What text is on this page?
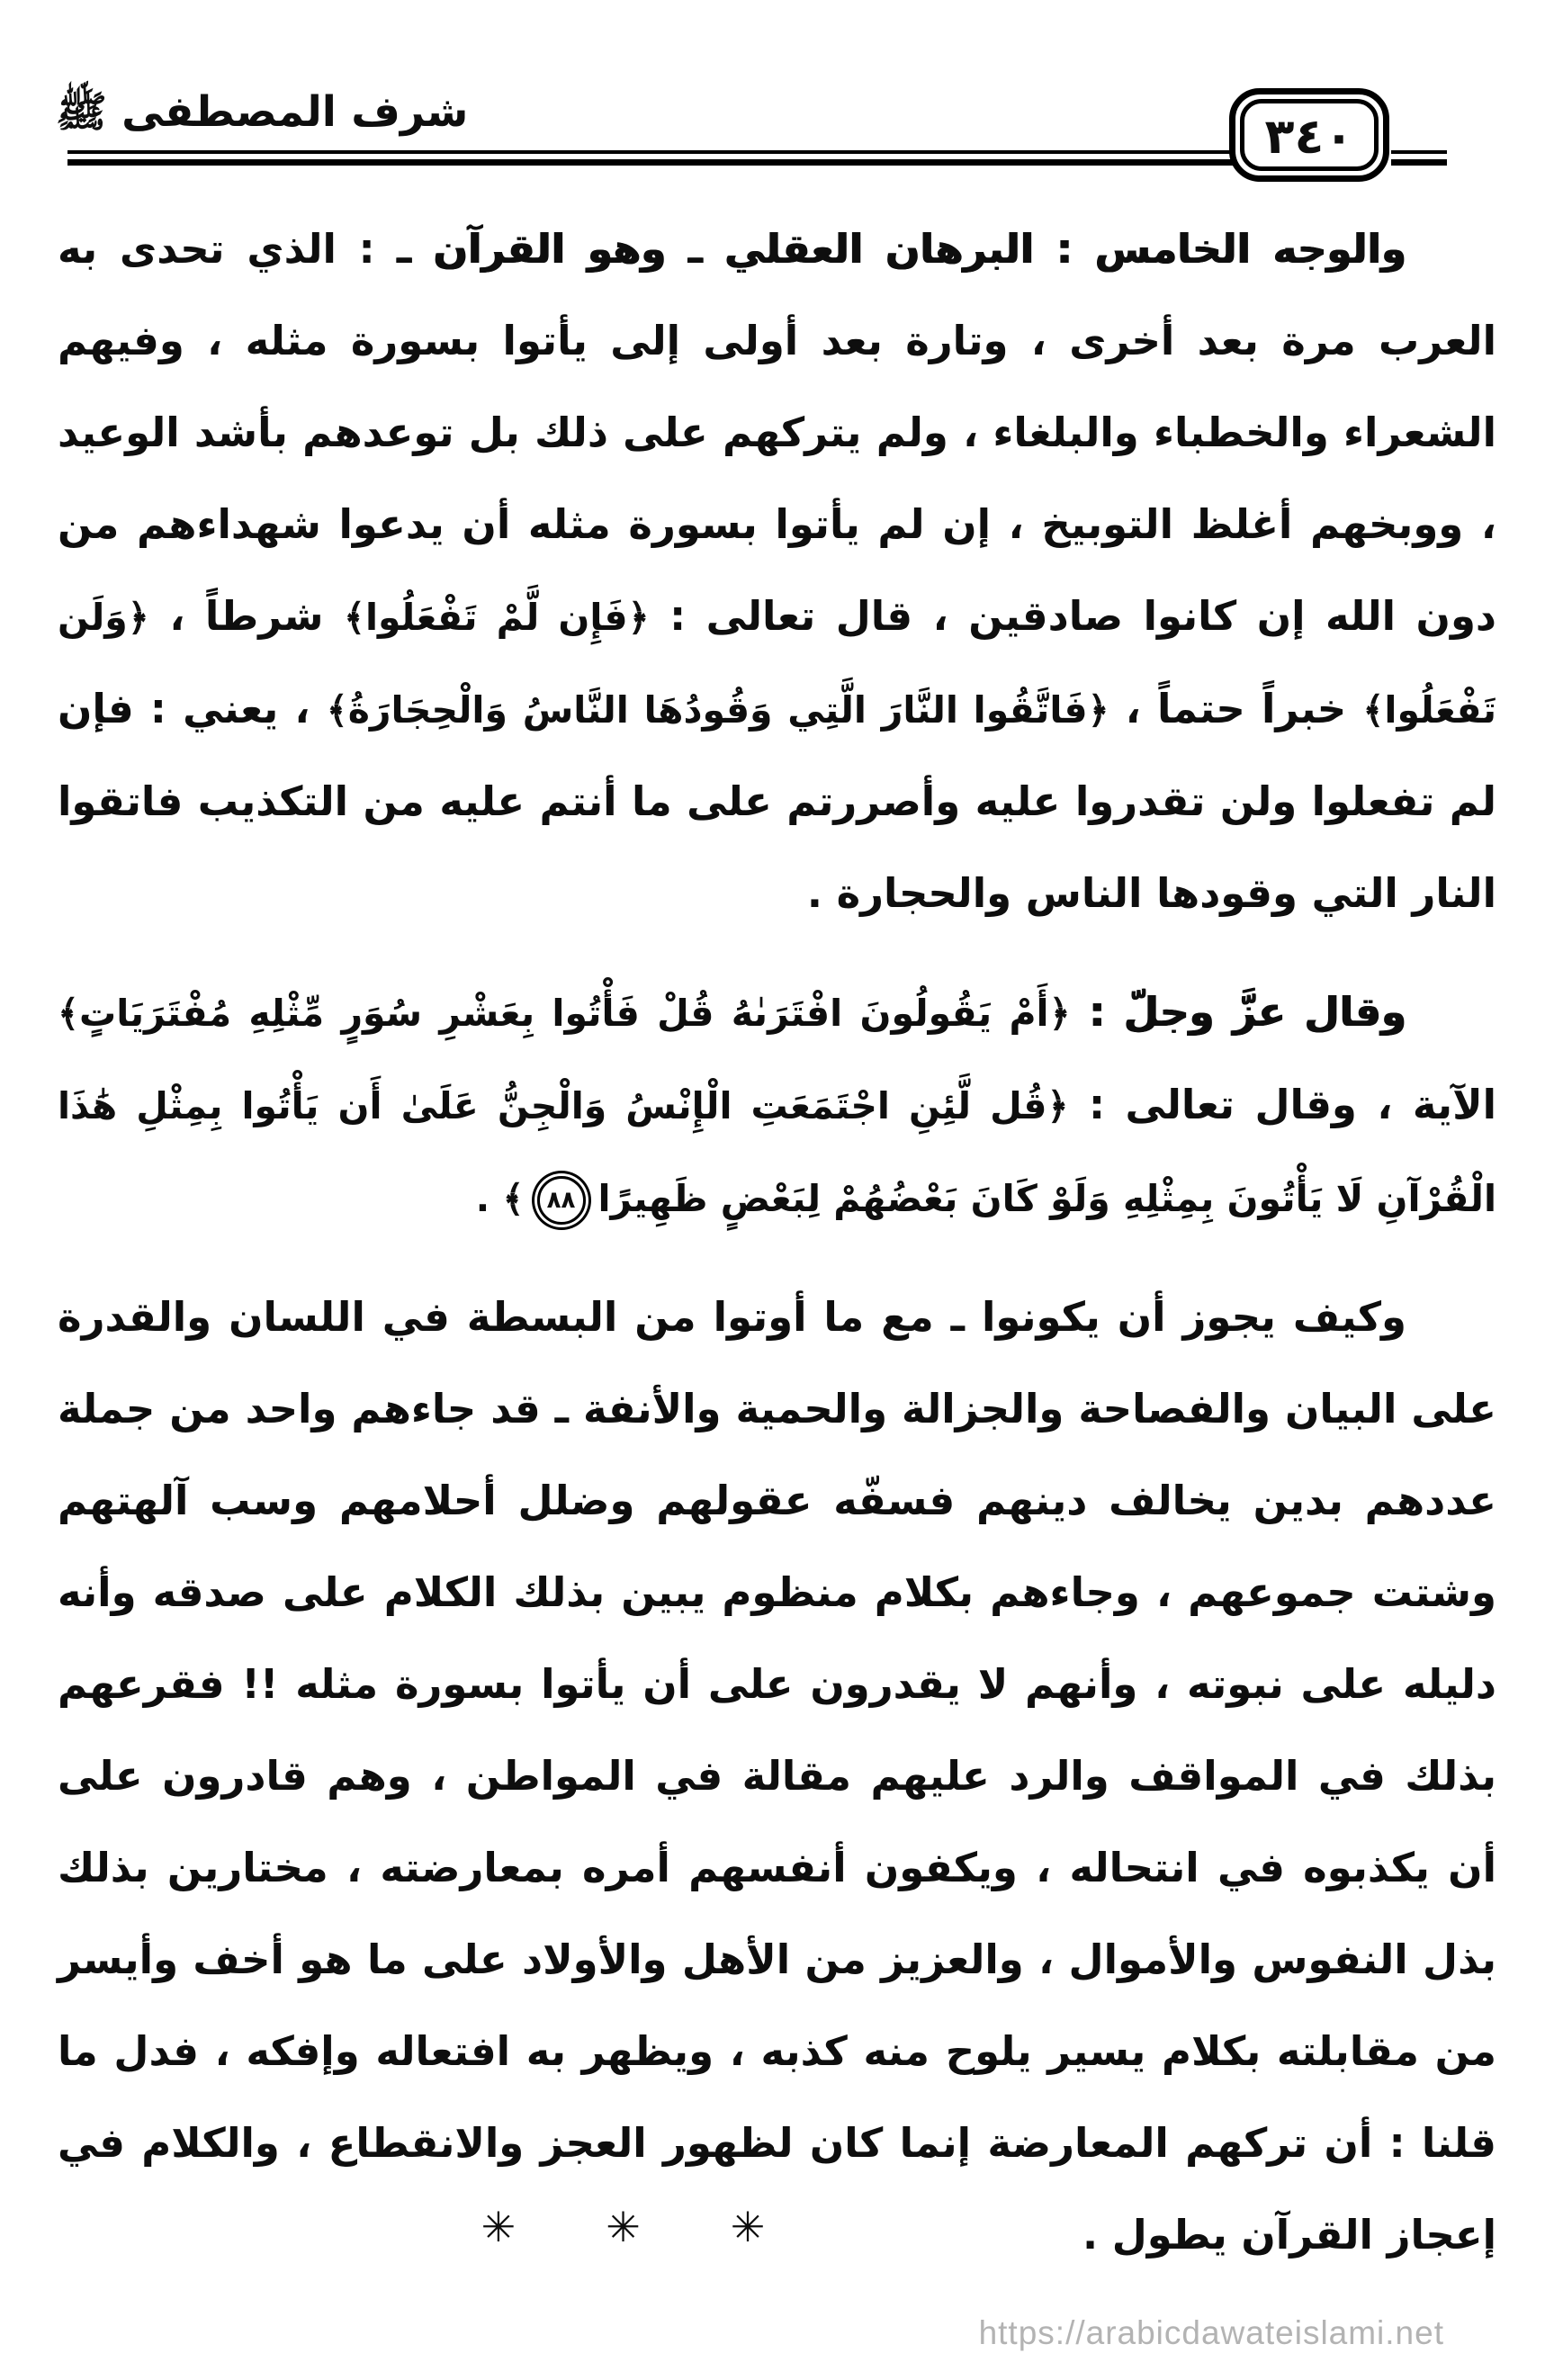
شرف المصطفى ﷺ	٣٤٠

والوجه الخامس : البرهان العقلي ـ وهو القرآن ـ : الذي تحدى به العرب مرة بعد أخرى ، وتارة بعد أولى إلى يأتوا بسورة مثله ، وفيهم الشعراء والخطباء والبلغاء ، ولم يتركهم على ذلك بل توعدهم بأشد الوعيد ، ووبخهم أغلظ التوبيخ ، إن لم يأتوا بسورة مثله أن يدعوا شهداءهم من دون الله إن كانوا صادقين ، قال تعالى : ﴿فَإِن لَّمْ تَفْعَلُوا﴾ شرطاً ، ﴿وَلَن تَفْعَلُوا﴾ خبراً حتماً ، ﴿فَاتَّقُوا النَّارَ الَّتِي وَقُودُهَا النَّاسُ وَالْحِجَارَةُ﴾ ، يعني : فإن لم تفعلوا ولن تقدروا عليه وأصررتم على ما أنتم عليه من التكذيب فاتقوا النار التي وقودها الناس والحجارة .

وقال عزَّ وجلّ : ﴿أَمْ يَقُولُونَ افْتَرَىٰهُ قُلْ فَأْتُوا بِعَشْرِ سُوَرٍ مِّثْلِهِ مُفْتَرَيَاتٍ﴾ الآية ، وقال تعالى : ﴿قُل لَّئِنِ اجْتَمَعَتِ الْإِنْسُ وَالْجِنُّ عَلَىٰ أَن يَأْتُوا بِمِثْلِ هَٰذَا الْقُرْآنِ لَا يَأْتُونَ بِمِثْلِهِ وَلَوْ كَانَ بَعْضُهُمْ لِبَعْضٍ ظَهِيرًا٨٨﴾ .

وكيف يجوز أن يكونوا ـ مع ما أوتوا من البسطة في اللسان والقدرة على البيان والفصاحة والجزالة والحمية والأنفة ـ قد جاءهم واحد من جملة عددهم بدين يخالف دينهم فسفّه عقولهم وضلل أحلامهم وسب آلهتهم وشتت جموعهم ، وجاءهم بكلام منظوم يبين بذلك الكلام على صدقه وأنه دليله على نبوته ، وأنهم لا يقدرون على أن يأتوا بسورة مثله !! فقرعهم بذلك في المواقف والرد عليهم مقالة في المواطن ، وهم قادرون على أن يكذبوه في انتحاله ، ويكفون أنفسهم أمره بمعارضته ، مختارين بذلك بذل النفوس والأموال ، والعزيز من الأهل والأولاد على ما هو أخف وأيسر من مقابلته بكلام يسير يلوح منه كذبه ، ويظهر به افتعاله وإفكه ، فدل ما قلنا : أن تركهم المعارضة إنما كان لظهور العجز والانقطاع ، والكلام في إعجاز القرآن يطول .

✳ ✳ ✳
https://arabicdawateislami.net
